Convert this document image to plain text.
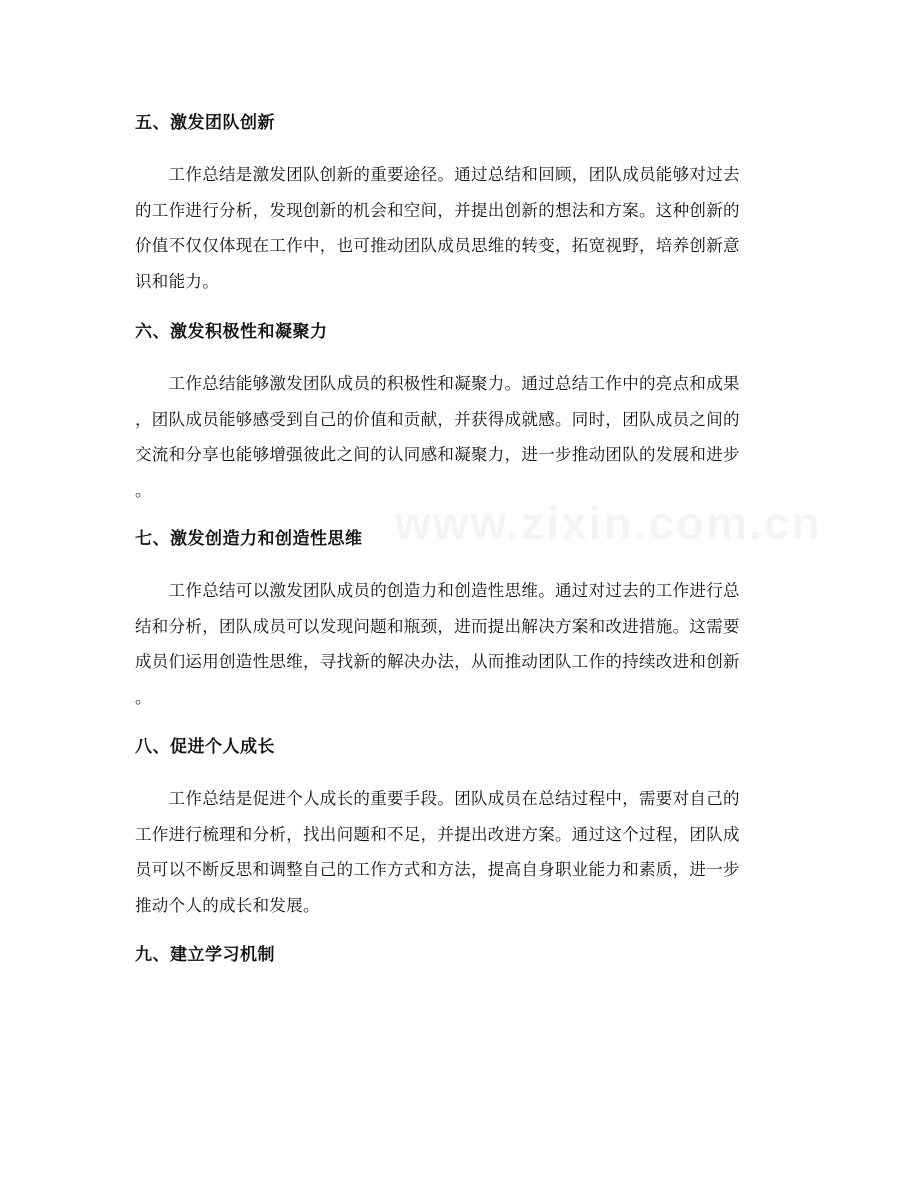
五、激发团队创新

　　工作总结是激发团队创新的重要途径。通过总结和回顾，团队成员能够对过去
的工作进行分析，发现创新的机会和空间，并提出创新的想法和方案。这种创新的
价值不仅仅体现在工作中，也可推动团队成员思维的转变，拓宽视野，培养创新意
识和能力。

六、激发积极性和凝聚力

　　工作总结能够激发团队成员的积极性和凝聚力。通过总结工作中的亮点和成果
，团队成员能够感受到自己的价值和贡献，并获得成就感。同时，团队成员之间的
交流和分享也能够增强彼此之间的认同感和凝聚力，进一步推动团队的发展和进步
。

七、激发创造力和创造性思维

　　工作总结可以激发团队成员的创造力和创造性思维。通过对过去的工作进行总
结和分析，团队成员可以发现问题和瓶颈，进而提出解决方案和改进措施。这需要
成员们运用创造性思维，寻找新的解决办法，从而推动团队工作的持续改进和创新
。

八、促进个人成长

　　工作总结是促进个人成长的重要手段。团队成员在总结过程中，需要对自己的
工作进行梳理和分析，找出问题和不足，并提出改进方案。通过这个过程，团队成
员可以不断反思和调整自己的工作方式和方法，提高自身职业能力和素质，进一步
推动个人的成长和发展。

九、建立学习机制
